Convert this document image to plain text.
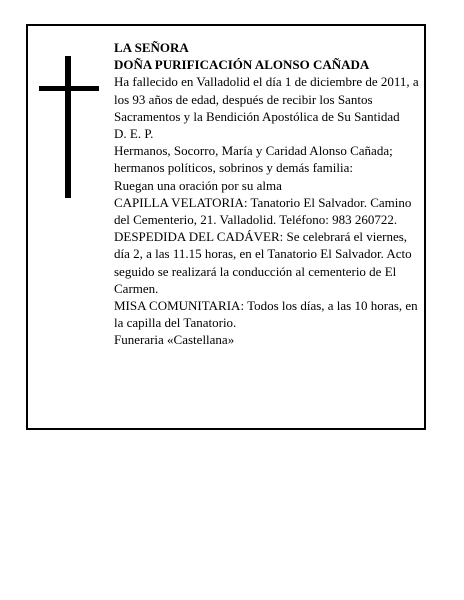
LA SEÑORA

DOÑA PURIFICACIÓN ALONSO CAÑADA

Ha fallecido en Valladolid el día 1 de diciembre de 2011, a los 93 años de edad, después de recibir los Santos Sacramentos y la Bendición Apostólica de Su Santidad

D. E. P.

Hermanos, Socorro, María y Caridad Alonso Cañada; hermanos políticos, sobrinos y demás familia:

Ruegan una oración por su alma

CAPILLA VELATORIA: Tanatorio El Salvador. Camino del Cementerio, 21. Valladolid. Teléfono: 983 260722.

DESPEDIDA DEL CADÁVER: Se celebrará el viernes, día 2, a las 11.15 horas, en el Tanatorio El Salvador. Acto seguido se realizará la conducción al cementerio de El Carmen.

MISA COMUNITARIA: Todos los días, a las 10 horas, en la capilla del Tanatorio.

Funeraria «Castellana»
